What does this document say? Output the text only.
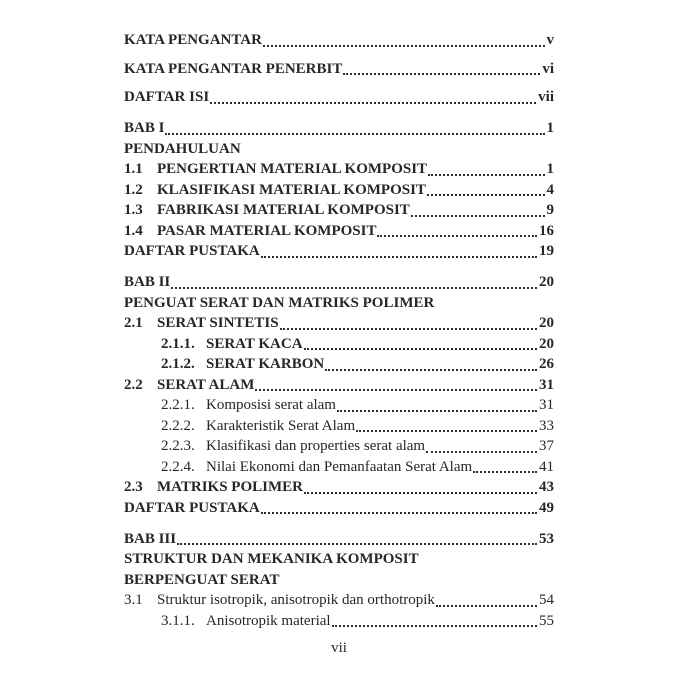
KATA PENGANTAR	v
KATA PENGANTAR PENERBIT	vi
DAFTAR ISI	vii
BAB I	1
PENDAHULUAN
1.1 PENGERTIAN MATERIAL KOMPOSIT	1
1.2 KLASIFIKASI MATERIAL KOMPOSIT	4
1.3 FABRIKASI MATERIAL KOMPOSIT	9
1.4 PASAR MATERIAL KOMPOSIT	16
DAFTAR PUSTAKA	19
BAB II	20
PENGUAT SERAT DAN MATRIKS POLIMER
2.1 SERAT SINTETIS	20
2.1.1. SERAT KACA	20
2.1.2. SERAT KARBON	26
2.2 SERAT ALAM	31
2.2.1. Komposisi serat alam	31
2.2.2. Karakteristik Serat Alam	33
2.2.3. Klasifikasi dan properties serat alam	37
2.2.4. Nilai Ekonomi dan Pemanfaatan Serat Alam	41
2.3 MATRIKS POLIMER	43
DAFTAR PUSTAKA	49
BAB III	53
STRUKTUR DAN MEKANIKA KOMPOSIT
BERPENGUAT SERAT
3.1 Struktur isotropik, anisotropik dan orthotropik	54
3.1.1. Anisotropik material	55
vii
